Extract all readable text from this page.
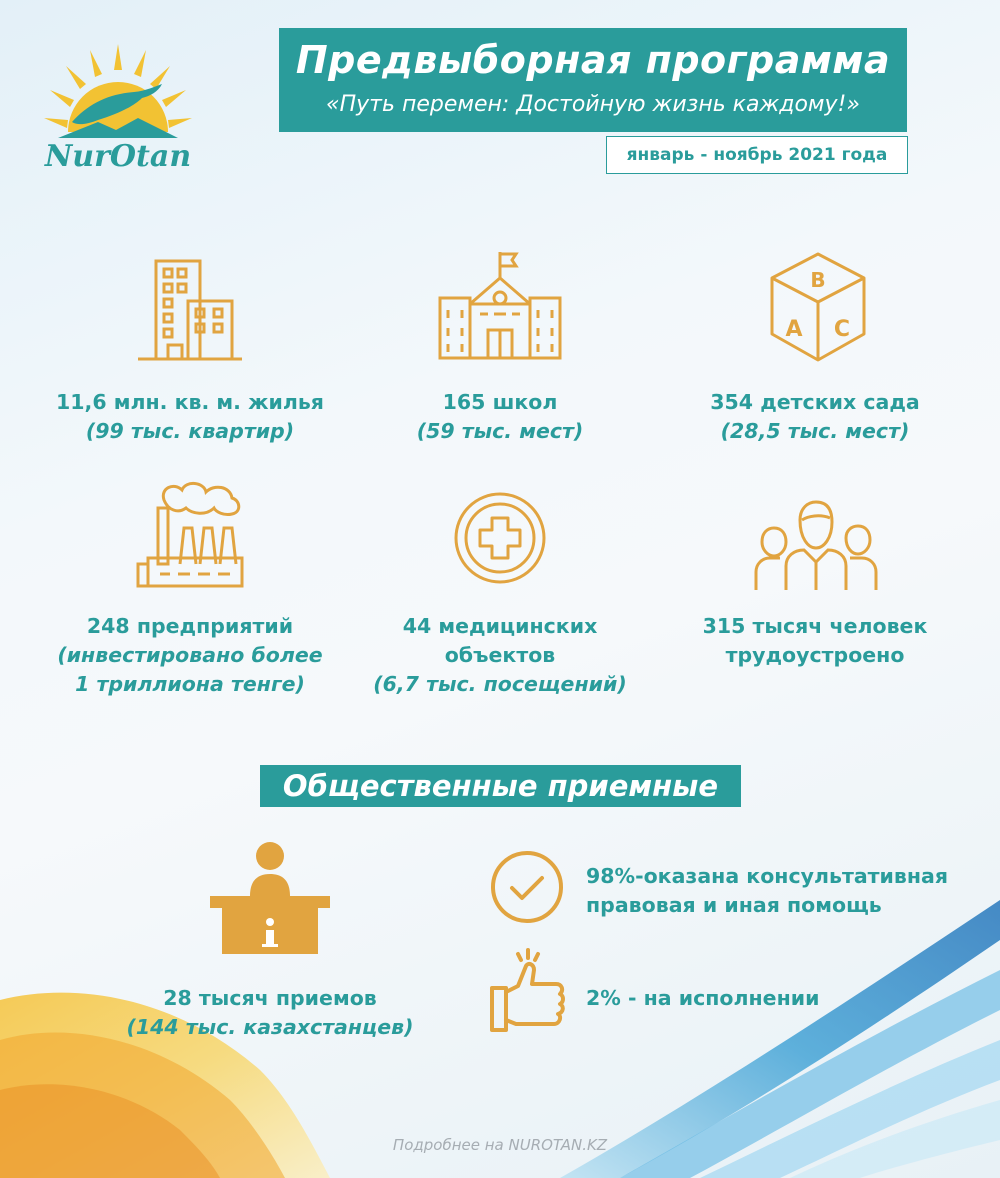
NurOtan
Предвыборная программа
«Путь перемен: Достойную жизнь каждому!»
январь - ноябрь 2021 года
B
A C
11,6 млн. кв. м. жилья
(99 тыс. квартир)
165 школ
(59 тыс. мест)
354 детских сада
(28,5 тыс. мест)
248 предприятий
(инвестировано более
1 триллиона тенге)
44 медицинских
объектов
(6,7 тыс. посещений)
315 тысяч человек
трудоустроено
Общественные приемные
28 тысяч приемов
(144 тыс. казахстанцев)
98%-оказана консультативная
правовая и иная помощь
2% - на исполнении
Подробнее на NUROTAN.KZ
